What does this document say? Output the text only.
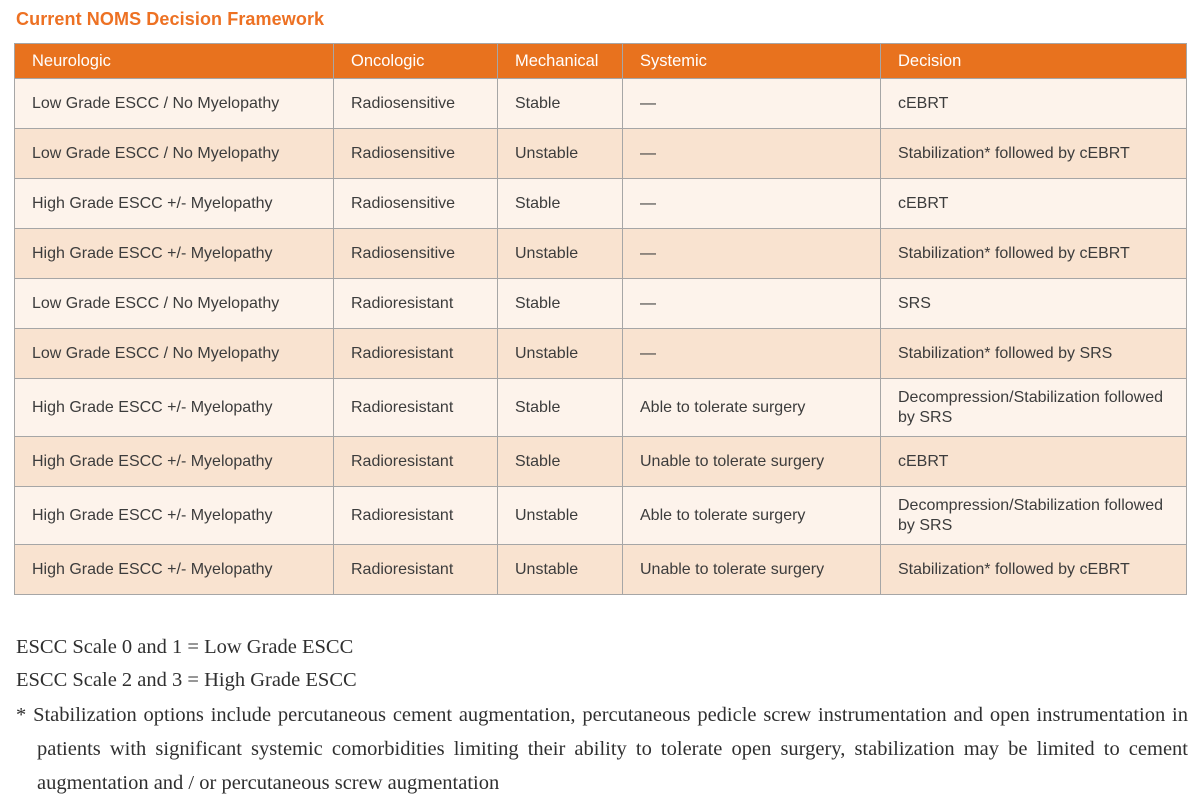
Current NOMS Decision Framework
Neurologic	Oncologic	Mechanical	Systemic	Decision
Low Grade ESCC / No Myelopathy	Radiosensitive	Stable	—	cEBRT
Low Grade ESCC / No Myelopathy	Radiosensitive	Unstable	—	Stabilization* followed by cEBRT
High Grade ESCC +/- Myelopathy	Radiosensitive	Stable	—	cEBRT
High Grade ESCC +/- Myelopathy	Radiosensitive	Unstable	—	Stabilization* followed by cEBRT
Low Grade ESCC / No Myelopathy	Radioresistant	Stable	—	SRS
Low Grade ESCC / No Myelopathy	Radioresistant	Unstable	—	Stabilization* followed by SRS
High Grade ESCC +/- Myelopathy	Radioresistant	Stable	Able to tolerate surgery	Decompression/Stabilization followed by SRS
High Grade ESCC +/- Myelopathy	Radioresistant	Stable	Unable to tolerate surgery	cEBRT
High Grade ESCC +/- Myelopathy	Radioresistant	Unstable	Able to tolerate surgery	Decompression/Stabilization followed by SRS
High Grade ESCC +/- Myelopathy	Radioresistant	Unstable	Unable to tolerate surgery	Stabilization* followed by cEBRT

ESCC Scale 0 and 1 = Low Grade ESCC

ESCC Scale 2 and 3 = High Grade ESCC

* Stabilization options include percutaneous cement augmentation, percutaneous pedicle screw instrumentation and open instrumentation in patients with significant systemic comorbidities limiting their ability to tolerate open surgery, stabilization may be limited to cement augmentation and / or percutaneous screw augmentation
